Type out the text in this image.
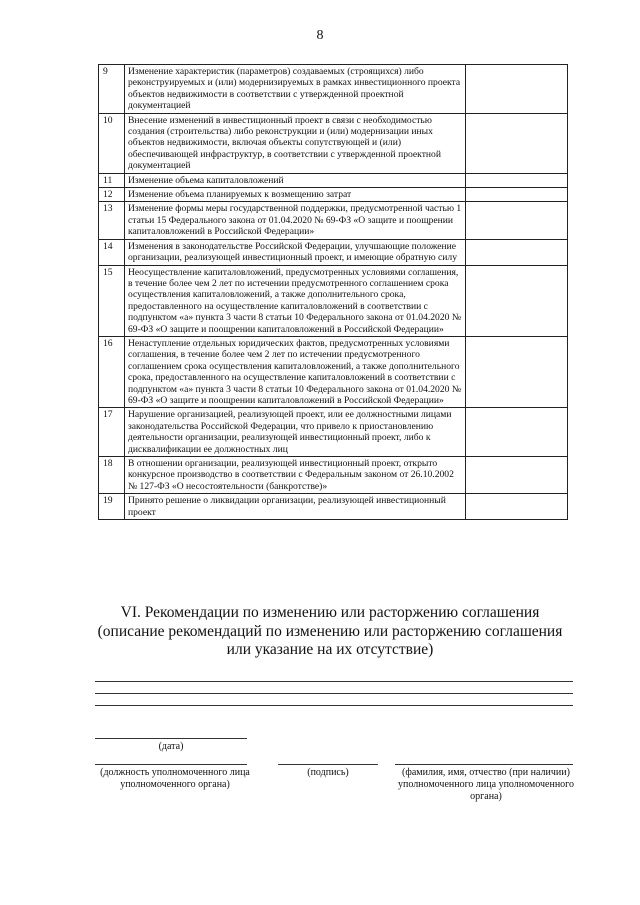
8
9	Изменение характеристик (параметров) создаваемых (строящихся) либо реконструируемых и (или) модернизируемых в рамках инвестиционного проекта объектов недвижимости в соответствии с утвержденной проектной документацией	
10	Внесение изменений в инвестиционный проект в связи с необходимостью создания (строительства) либо реконструкции и (или) модернизации иных объектов недвижимости, включая объекты сопутствующей и (или) обеспечивающей инфраструктур, в соответствии с утвержденной проектной документацией	
11	Изменение объема капиталовложений	
12	Изменение объема планируемых к возмещению затрат	
13	Изменение формы меры государственной поддержки, предусмотренной частью 1 статьи 15 Федерального закона от 01.04.2020 № 69-ФЗ «О защите и поощрении капиталовложений в Российской Федерации»	
14	Изменения в законодательстве Российской Федерации, улучшающие положение организации, реализующей инвестиционный проект, и имеющие обратную силу	
15	Неосуществление капиталовложений, предусмотренных условиями соглашения, в течение более чем 2 лет по истечении предусмотренного соглашением срока осуществления капиталовложений, а также дополнительного срока, предоставленного на осуществление капиталовложений в соответствии с подпунктом «а» пункта 3 части 8 статьи 10 Федерального закона от 01.04.2020 № 69-ФЗ «О защите и поощрении капиталовложений в Российской Федерации»	
16	Ненаступление отдельных юридических фактов, предусмотренных условиями соглашения, в течение более чем 2 лет по истечении предусмотренного соглашением срока осуществления капиталовложений, а также дополнительного срока, предоставленного на осуществление капиталовложений в соответствии с подпунктом «а» пункта 3 части 8 статьи 10 Федерального закона от 01.04.2020 № 69-ФЗ «О защите и поощрении капиталовложений в Российской Федерации»	
17	Нарушение организацией, реализующей проект, или ее должностными лицами законодательства Российской Федерации, что привело к приостановлению деятельности организации, реализующей инвестиционный проект, либо к дисквалификации ее должностных лиц	
18	В отношении организации, реализующей инвестиционный проект, открыто конкурсное производство в соответствии с Федеральным законом от 26.10.2002 № 127-ФЗ «О несостоятельности (банкротстве)»	
19	Принято решение о ликвидации организации, реализующей инвестиционный проект	
VI. Рекомендации по изменению или расторжению соглашения
(описание рекомендаций по изменению или расторжению соглашения или указание на их отсутствие)
(дата)
(должность уполномоченного лица уполномоченного органа)
(подпись)	(фамилия, имя, отчество (при наличии) уполномоченного лица уполномоченного органа)
